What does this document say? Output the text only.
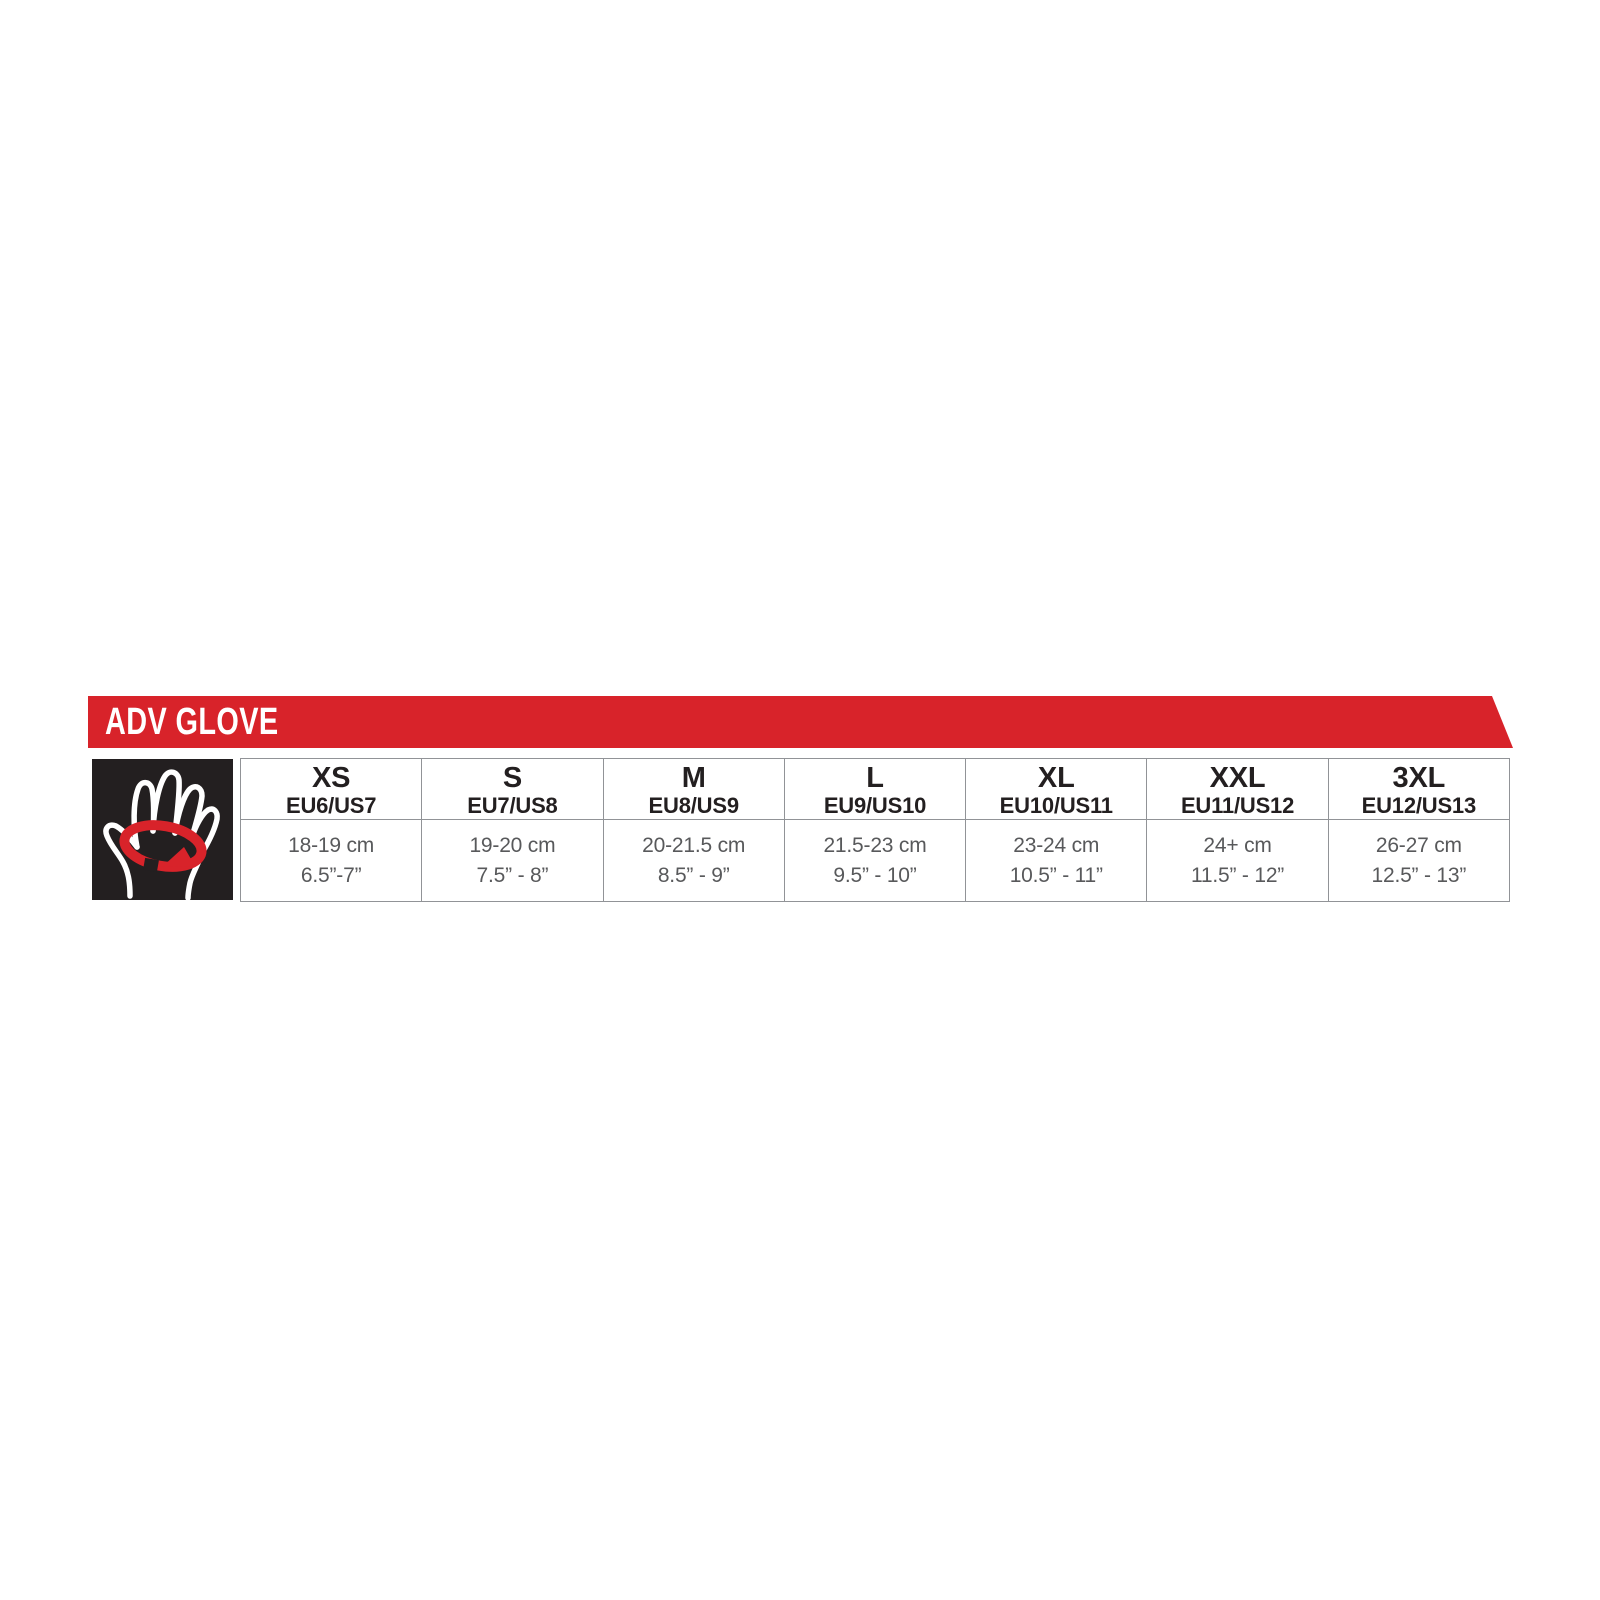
ADV GLOVE
XS
EU6/US7
18-19 cm
6.5”-7”
S
EU7/US8
19-20 cm
7.5” - 8”
M
EU8/US9
20-21.5 cm
8.5” - 9”
L
EU9/US10
21.5-23 cm
9.5” - 10”
XL
EU10/US11
23-24 cm
10.5” - 11”
XXL
EU11/US12
24+ cm
11.5” - 12”
3XL
EU12/US13
26-27 cm
12.5” - 13”
